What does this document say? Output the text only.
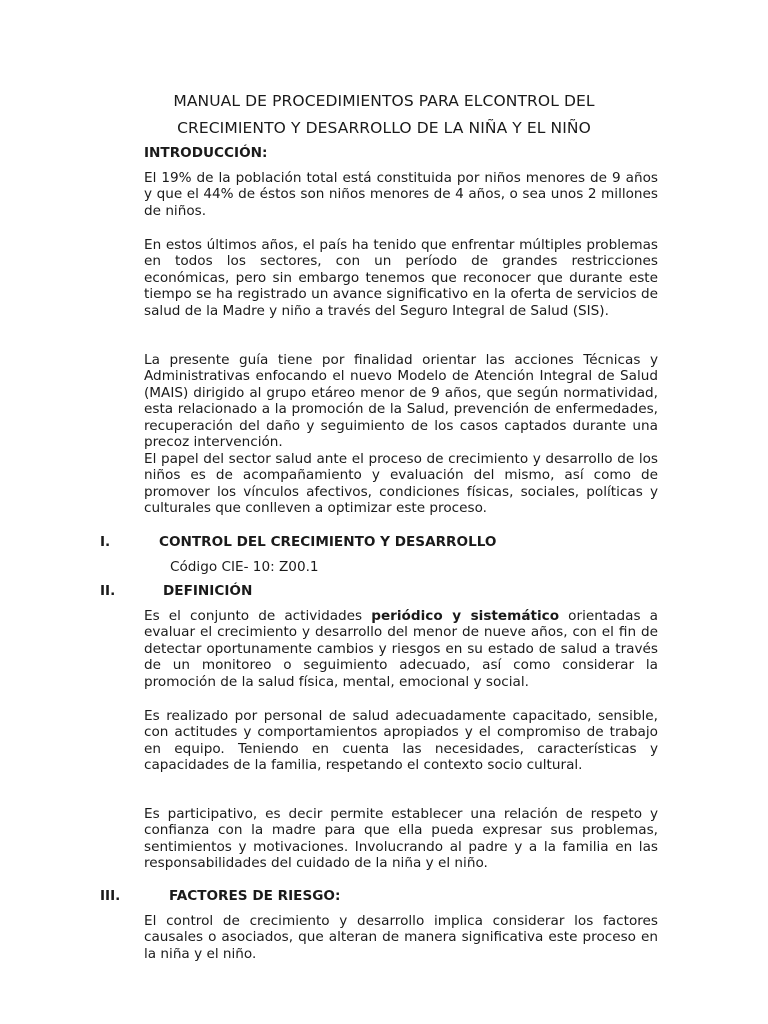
MANUAL DE PROCEDIMIENTOS PARA ELCONTROL DEL
CRECIMIENTO Y DESARROLLO DE LA NIÑA Y EL NIÑO
INTRODUCCIÓN:

El 19% de la población total está constituida por niños menores de 9 años y que el 44% de éstos son niños menores de 4 años, o sea unos 2 millones de niños.

En estos últimos años, el país ha tenido que enfrentar múltiples problemas en todos los sectores, con un período de grandes restricciones económicas, pero sin embargo tenemos que reconocer que durante este tiempo se ha registrado un avance significativo en la oferta de servicios de salud de la Madre y niño a través del Seguro Integral de Salud (SIS).

La presente guía tiene por finalidad orientar las acciones Técnicas y Administrativas enfocando el nuevo Modelo de Atención Integral de Salud (MAIS) dirigido al grupo etáreo menor de 9 años, que según normatividad, esta relacionado a la promoción de la Salud, prevención de enfermedades, recuperación del daño y seguimiento de los casos captados durante una precoz intervención.

El papel del sector salud ante el proceso de crecimiento y desarrollo de los niños es de acompañamiento y evaluación del mismo, así como de promover los vínculos afectivos, condiciones físicas, sociales, políticas y culturales que conlleven a optimizar este proceso.

I.	CONTROL DEL CRECIMIENTO Y DESARROLLO
Código CIE- 10: Z00.1
II.	DEFINICIÓN

Es el conjunto de actividades periódico y sistemático orientadas a evaluar el crecimiento y desarrollo del menor de nueve años, con el fin de detectar oportunamente cambios y riesgos en su estado de salud a través de un monitoreo o seguimiento adecuado, así como considerar la promoción de la salud física, mental, emocional y social.

Es realizado por personal de salud adecuadamente capacitado, sensible, con actitudes y comportamientos apropiados y el compromiso de trabajo en equipo. Teniendo en cuenta las necesidades, características y capacidades de la familia, respetando el contexto socio cultural.

Es participativo, es decir permite establecer una relación de respeto y confianza con la madre para que ella pueda expresar sus problemas, sentimientos y motivaciones. Involucrando al padre y a la familia en las responsabilidades del cuidado de la niña y el niño.

III.	FACTORES DE RIESGO:

El control de crecimiento y desarrollo implica considerar los factores causales o asociados, que alteran de manera significativa este proceso en la niña y el niño.
